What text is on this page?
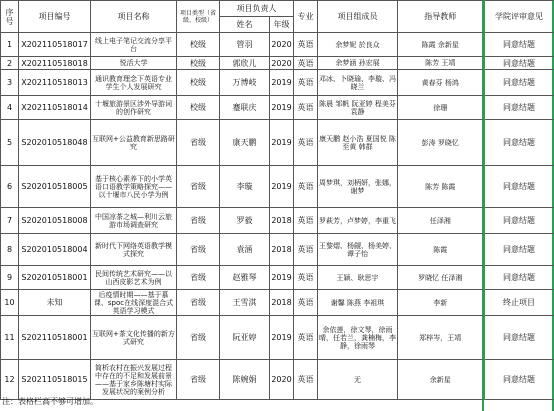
序号	项目编号	项目名称	项目类型（省级、校级）	项目负责人		专业	项目组成员	指导教师	学院评审意见
				姓名	年级				
1	X202110518017	线上电子笔记交流分享平台	校级	管羽	2020	英语	余梦妮 於良众	陈霞 余新星	同意结题
2	X202110518018	悦活大学	校级	郭欣儿	2020	英语	余梦涵 孙宏展	陈芳 王靖	同意结题
3	X202110518013	通识教育理念下英语专业学生个人发展研究	校级	万博岐	2019	英语	邓冰、卜晓瑜、李璇、冯晓兰	黄春芬 杨鸿	同意结题
4	X202110518014	十堰旅游景区涉外导游词的创作研究	校级	蹇联庆	2019	英语	陈晨 邹帆 阮亚婷 程美芬 袁静	徐珊	同意结题
5	S202010518048	互联网+公益教育新思路研究	省级	康天鹏	2019	英语	康天鹏 赵小浩 夏国悦 陈至黄 韩群	彭涛 罗晓忆	同意结题
6	S202010518005	基于核心素养下的小学英语口语教学策略探究——以十堰市八民小学为例	省级	李璇	2019	英语	周梦琪，刘柄妍，张娜，谢梦	陈芳 陈霞	同意结题
7	S202010518008	中国凉茶之城—利川云旅游市场调查研究	省级	罗毅	2018	英语	罗萩芳，卢梦婷，李重飞	任泽湘	同意结题
8	S202010518004	新时代下网络英语教学模式探究	省级	袁涵	2018	英语	王黎熠、杨觎、杨美婷、谭子怡	陈霞	同意结题
9	S202010518001	民间传统艺术研究——以山西皮影艺术为例	省级	赵雅琴	2019	英语	王颖、耿思宇	罗晓忆 任泽湘	同意结题
10	未知	后疫情时期——基于慕课、spoc在线深度混合式英语学习模式	省级	王雪淇	2018	英语	谢馨 陈燕 李祖琪	李新	终止项目
11	S202110518001	互联网+茶文化传播的新方式研究	省级	阮亚婷	2019	英语	余依莲，徐文琴，徐雨晴，任若兰，龚楠梅，李静，徐雨琴	郑梓岑，王靖	同意结题
12	S202110518015	简析农村在振兴发展过程中存在的不足和发展前景——基于家乡陈塘村实际发展状况的案例分析	省级	陈婉娟	2020	英语	无	余新星	同意结题
注：表格栏高不够可增加。
